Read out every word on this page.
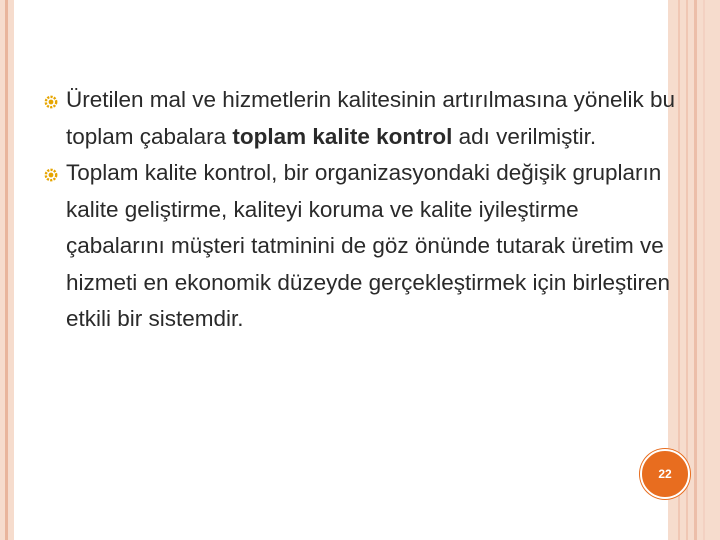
Üretilen mal ve hizmetlerin kalitesinin artırılmasına yönelik bu toplam çabalara toplam kalite kontrol adı verilmiştir.
Toplam kalite kontrol, bir organizasyondaki değişik grupların kalite geliştirme, kaliteyi koruma ve kalite iyileştirme çabalarını müşteri tatminini de göz önünde tutarak üretim ve hizmeti en ekonomik düzeyde gerçekleştirmek için birleştiren etkili bir sistemdir.
22
